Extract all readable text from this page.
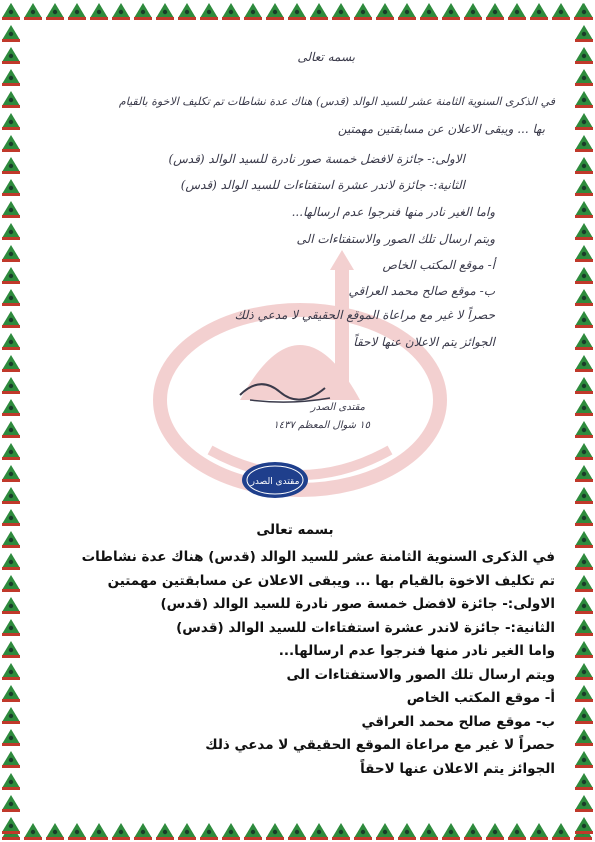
بسمه تعالى
في الذكرى السنوية الثامنة عشر للسيد الوالد (قدس) هناك عدة نشاطات تم تكليف الاخوة بالقيام
بها ... ويبقى الاعلان عن مسابقتين مهمتين
الاولى:- جائزة لافضل خمسة صور نادرة للسيد الوالد (قدس)
الثانية:- جائزة لاندر عشرة استفتاءات للسيد الوالد (قدس)
واما الغير نادر منها فنرجوا عدم ارسالها...
ويتم ارسال تلك الصور والاستفتاءات الى
أ- موقع المكتب الخاص
ب- موقع صالح محمد العراقي
حصراً لا غير مع مراعاة الموقع الحقيقي لا مدعي ذلك
الجوائز يتم الاعلان عنها لاحقاً
مقتدى الصدر
١٥ شوال المعظم ١٤٣٧
مقتدى الصدر
بسمه تعالى
في الذكرى السنوية الثامنة عشر للسيد الوالد (قدس) هناك عدة نشاطات
تم تكليف الاخوة بالقيام بها ... ويبقى الاعلان عن مسابقتين مهمتين
الاولى:- جائزة لافضل خمسة صور نادرة للسيد الوالد (قدس)
الثانية:- جائزة لاندر عشرة استفتاءات للسيد الوالد (قدس)
واما الغير نادر منها فنرجوا عدم ارسالها...
ويتم ارسال تلك الصور والاستفتاءات الى
أ- موقع المكتب الخاص
ب- موقع صالح محمد العراقي
حصراً لا غير مع مراعاة الموقع الحقيقي لا مدعي ذلك
الجوائز يتم الاعلان عنها لاحقاً
